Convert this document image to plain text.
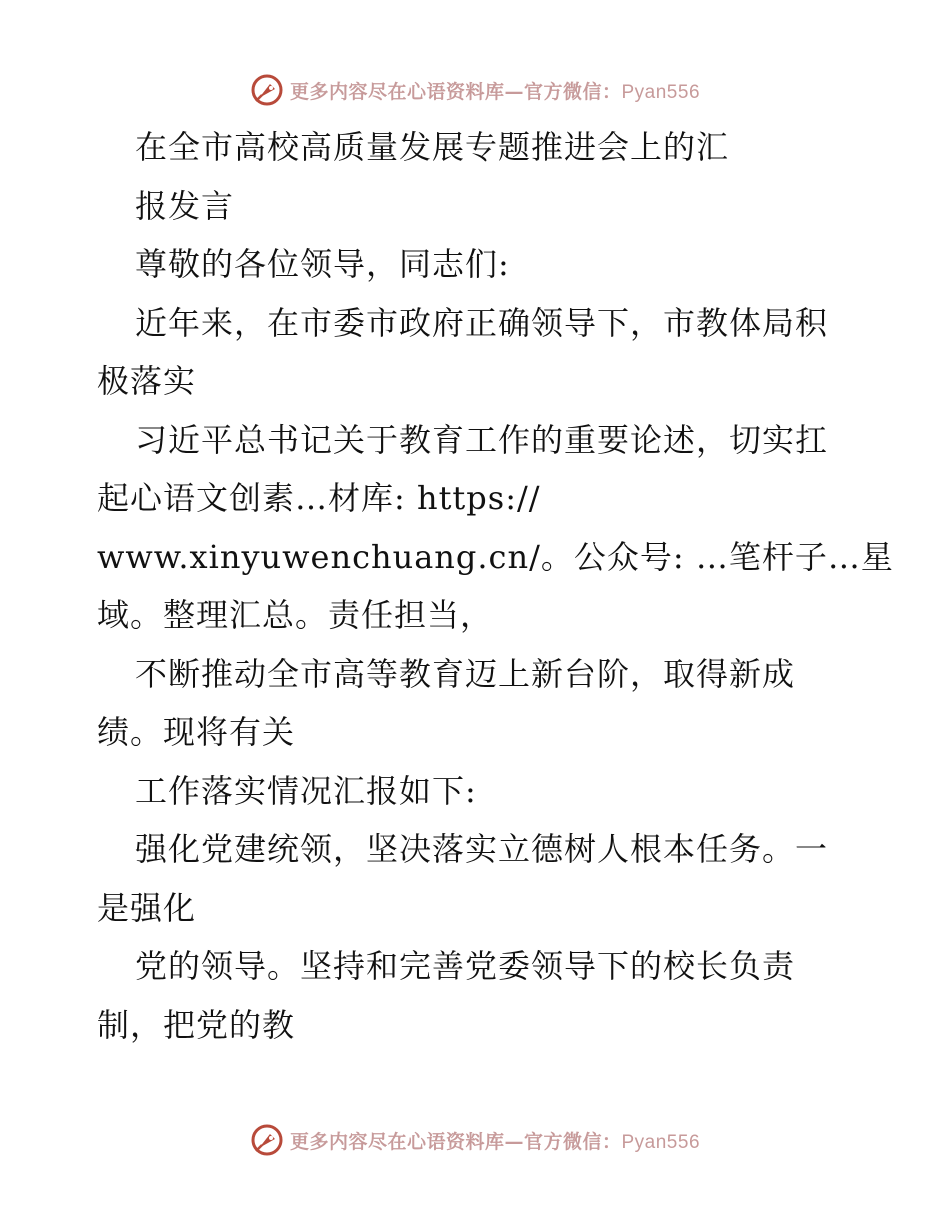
更多内容尽在心语资料库—官方微信：Pyan556
在全市高校高质量发展专题推进会上的汇
报发言
尊敬的各位领导，同志们:
近年来，在市委市政府正确领导下，市教体局积
极落实
习近平总书记关于教育工作的重要论述，切实扛
起心语文创素…材库: https://
www.xinyuwenchuang.cn/。公众号: …笔杆子…星
域。整理汇总。责任担当，
不断推动全市高等教育迈上新台阶，取得新成
绩。现将有关
工作落实情况汇报如下:
强化党建统领，坚决落实立德树人根本任务。一
是强化
党的领导。坚持和完善党委领导下的校长负责
制，把党的教
更多内容尽在心语资料库—官方微信：Pyan556
